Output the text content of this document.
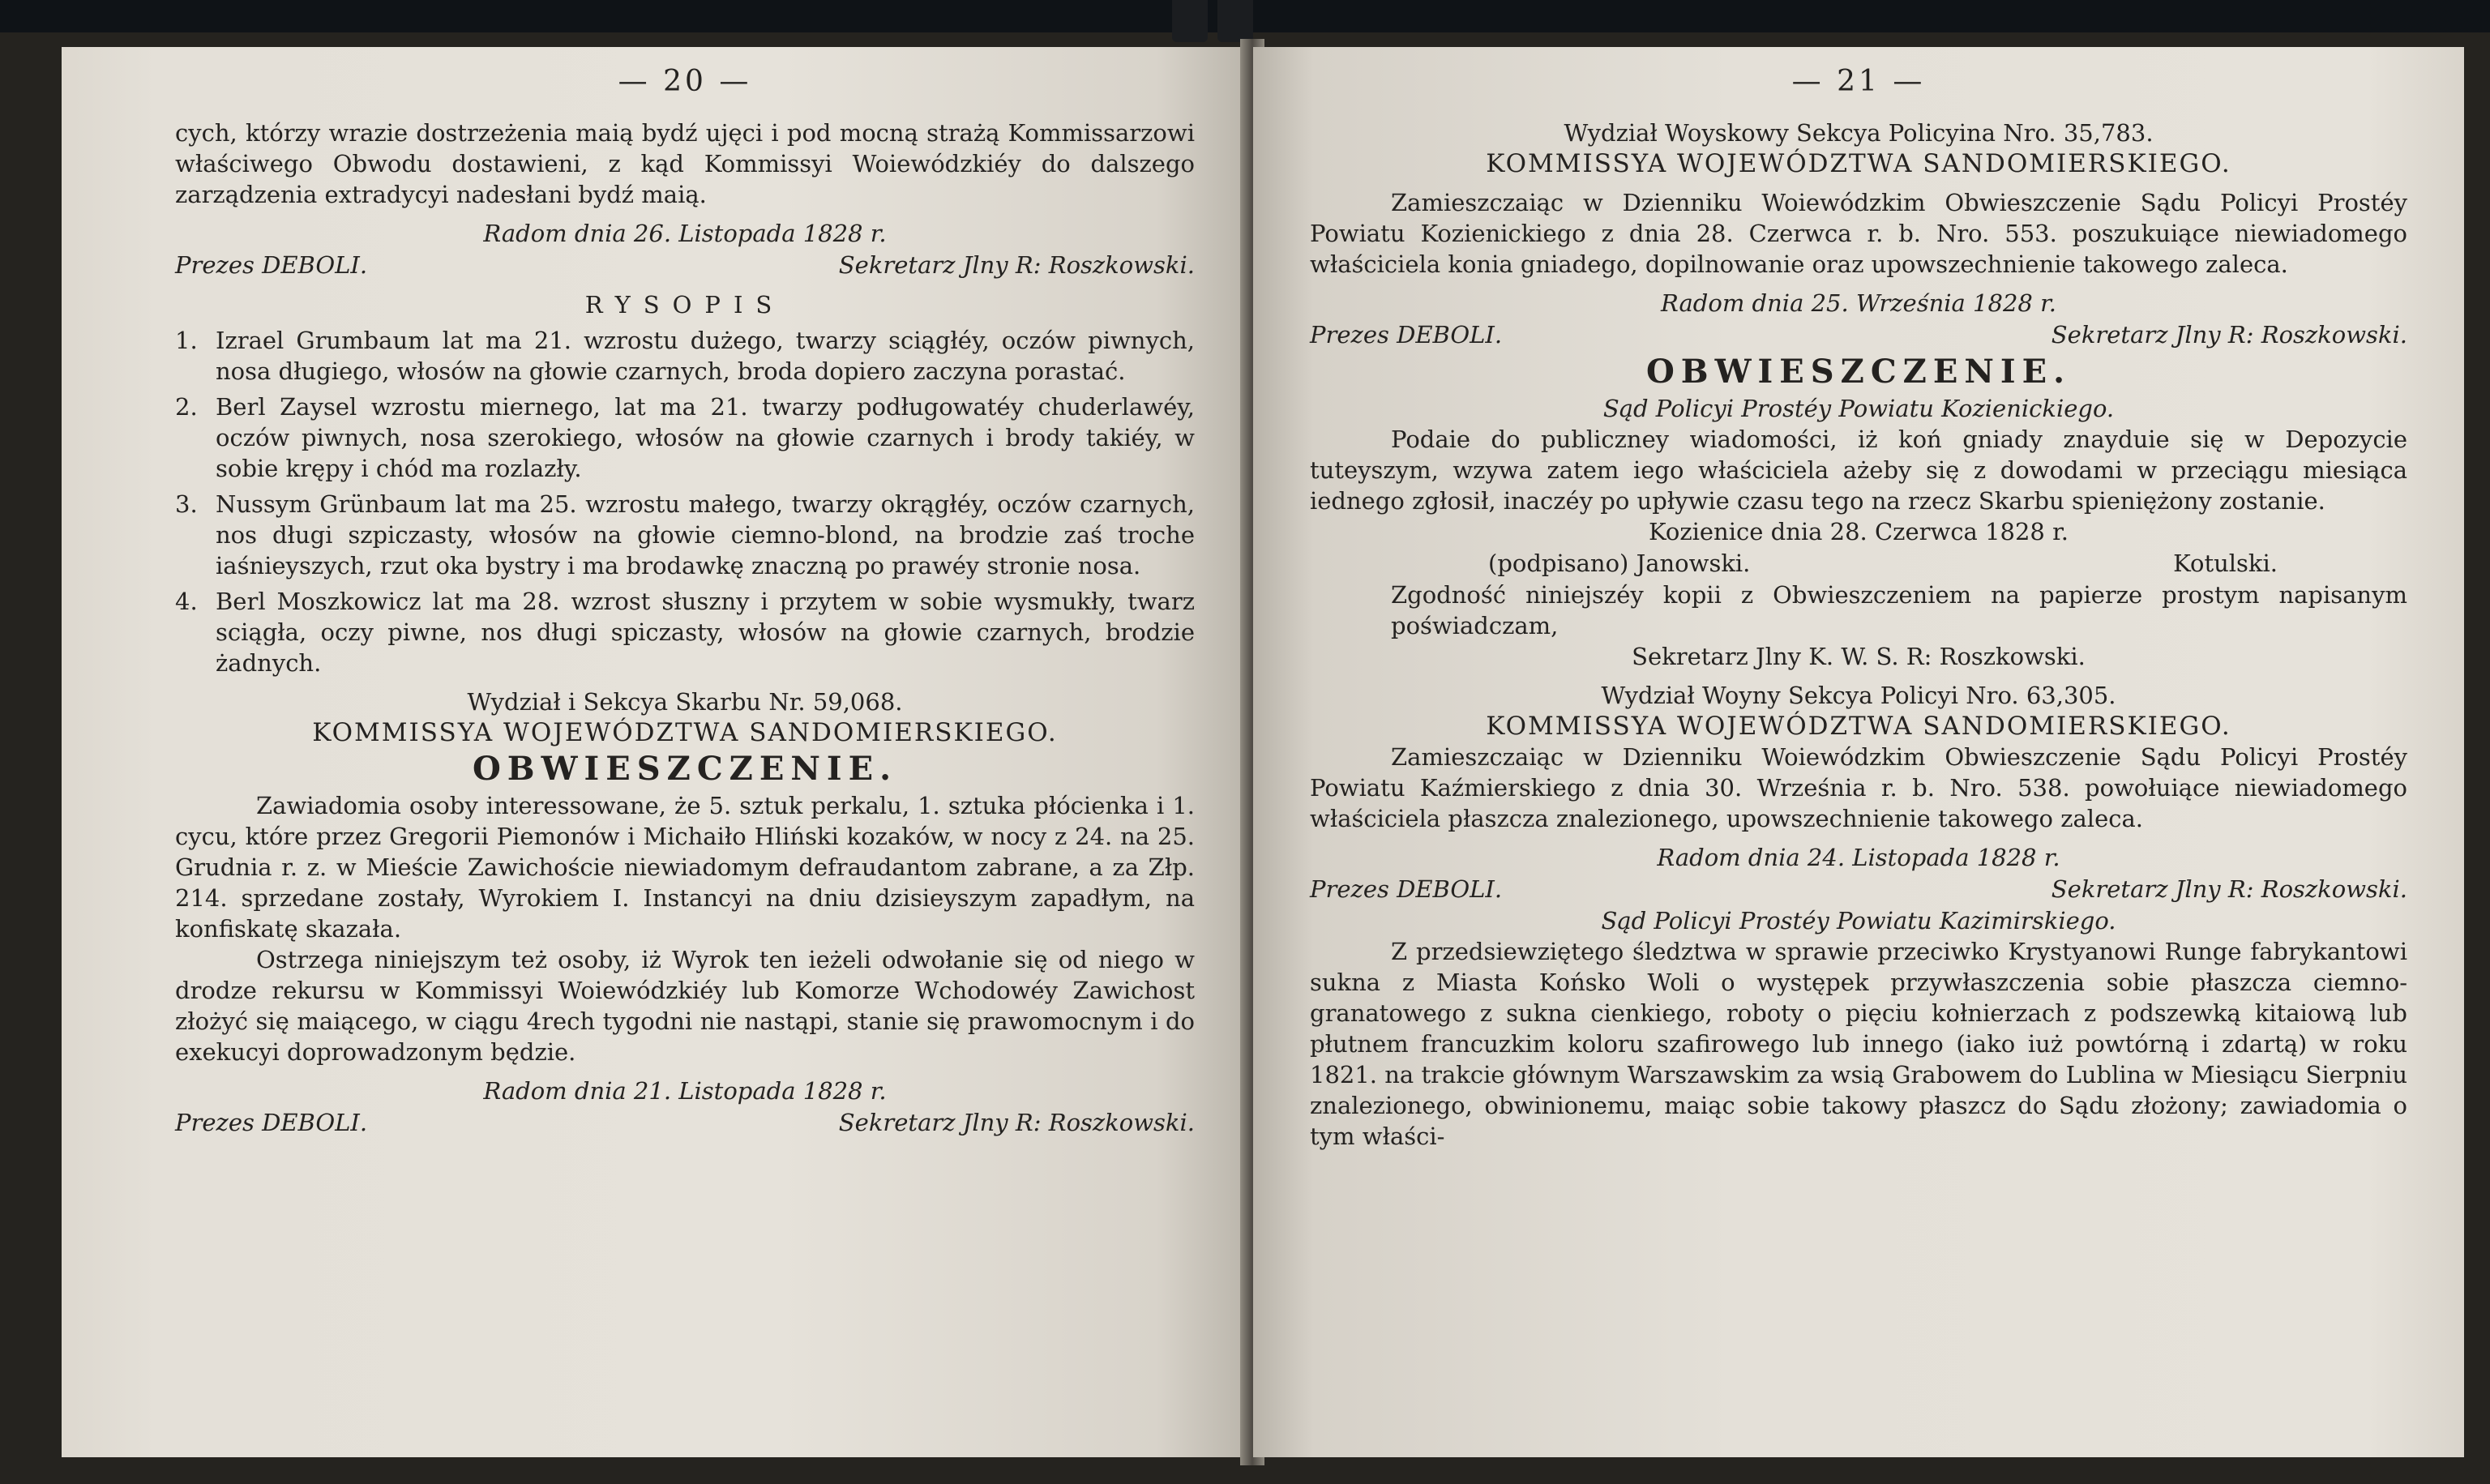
— 20 —

cych, którzy wrazie dostrzeżenia maią bydź ujęci i pod mocną strażą Kommissarzowi właściwego Obwodu dostawieni, z kąd Kommissyi Woiewódzkiéy do dalszego zarządzenia extradycyi nadesłani bydź maią.

Radom dnia 26. Listopada 1828 r.

Prezes DEBOLI.	Sekretarz Jlny R: Roszkowski.

RYSOPIS

1. Izrael Grumbaum lat ma 21. wzrostu dużego, twarzy sciągłéy, oczów piwnych, nosa długiego, włosów na głowie czarnych, broda dopiero zaczyna porastać.

2. Berl Zaysel wzrostu miernego, lat ma 21. twarzy podługowatéy chuderlawéy, oczów piwnych, nosa szerokiego, włosów na głowie czarnych i brody takiéy, w sobie krępy i chód ma rozlazły.

3. Nussym Grünbaum lat ma 25. wzrostu małego, twarzy okrągłéy, oczów czarnych, nos długi szpiczasty, włosów na głowie ciemno-blond, na brodzie zaś troche iaśnieyszych, rzut oka bystry i ma brodawkę znaczną po prawéy stronie nosa.

4. Berl Moszkowicz lat ma 28. wzrost słuszny i przytem w sobie wysmukły, twarz sciągła, oczy piwne, nos długi spiczasty, włosów na głowie czarnych, brodzie żadnych.

Wydział i Sekcya Skarbu Nr. 59,068.

KOMMISSYA WOJEWÓDZTWA SANDOMIERSKIEGO.

OBWIESZCZENIE.

Zawiadomia osoby interessowane, że 5. sztuk perkalu, 1. sztuka płócienka i 1. cycu, które przez Gregorii Piemonów i Michaiło Hliński kozaków, w nocy z 24. na 25. Grudnia r. z. w Mieście Zawichoście niewiadomym defraudantom zabrane, a za Złp. 214. sprzedane zostały, Wyrokiem I. Instancyi na dniu dzisieyszym zapadłym, na konfiskatę skazała.

Ostrzega niniejszym też osoby, iż Wyrok ten ieżeli odwołanie się od niego w drodze rekursu w Kommissyi Woiewódzkiéy lub Komorze Wchodowéy Zawichost złożyć się maiącego, w ciągu 4rech tygodni nie nastąpi, stanie się prawomocnym i do exekucyi doprowadzonym będzie.

Radom dnia 21. Listopada 1828 r.

Prezes DEBOLI.	Sekretarz Jlny R: Roszkowski.
— 21 —

Wydział Woyskowy Sekcya Policyina Nro. 35,783.

KOMMISSYA WOJEWÓDZTWA SANDOMIERSKIEGO.

Zamieszczaiąc w Dzienniku Woiewódzkim Obwieszczenie Sądu Policyi Prostéy Powiatu Kozienickiego z dnia 28. Czerwca r. b. Nro. 553. poszukuiące niewiadomego właściciela konia gniadego, dopilnowanie oraz upowszechnienie takowego zaleca.

Radom dnia 25. Września 1828 r.

Prezes DEBOLI.	Sekretarz Jlny R: Roszkowski.

OBWIESZCZENIE.

Sąd Policyi Prostéy Powiatu Kozienickiego.

Podaie do publiczney wiadomości, iż koń gniady znayduie się w Depozycie tuteyszym, wzywa zatem iego właściciela ażeby się z dowodami w przeciągu miesiąca iednego zgłosił, inaczéy po upływie czasu tego na rzecz Skarbu spieniężony zostanie.

Kozienice dnia 28. Czerwca 1828 r.

(podpisano) Janowski.	Kotulski.

Zgodność niniejszéy kopii z Obwieszczeniem na papierze prostym napisanym poświadczam,

Sekretarz Jlny K. W. S. R: Roszkowski.

Wydział Woyny Sekcya Policyi Nro. 63,305.

KOMMISSYA WOJEWÓDZTWA SANDOMIERSKIEGO.

Zamieszczaiąc w Dzienniku Woiewódzkim Obwieszczenie Sądu Policyi Prostéy Powiatu Kaźmierskiego z dnia 30. Września r. b. Nro. 538. powołuiące niewiadomego właściciela płaszcza znalezionego, upowszechnienie takowego zaleca.

Radom dnia 24. Listopada 1828 r.

Prezes DEBOLI.	Sekretarz Jlny R: Roszkowski.

Sąd Policyi Prostéy Powiatu Kazimirskiego.

Z przedsiewziętego śledztwa w sprawie przeciwko Krystyanowi Runge fabrykantowi sukna z Miasta Końsko Woli o występek przywłaszczenia sobie płaszcza ciemno-granatowego z sukna cienkiego, roboty o pięciu kołnierzach z podszewką kitaiową lub płutnem francuzkim koloru szafirowego lub innego (iako iuż powtórną i zdartą) w roku 1821. na trakcie głównym Warszawskim za wsią Grabowem do Lublina w Miesiącu Sierpniu znalezionego, obwinionemu, maiąc sobie takowy płaszcz do Sądu złożony; zawiadomia o tym właści-
